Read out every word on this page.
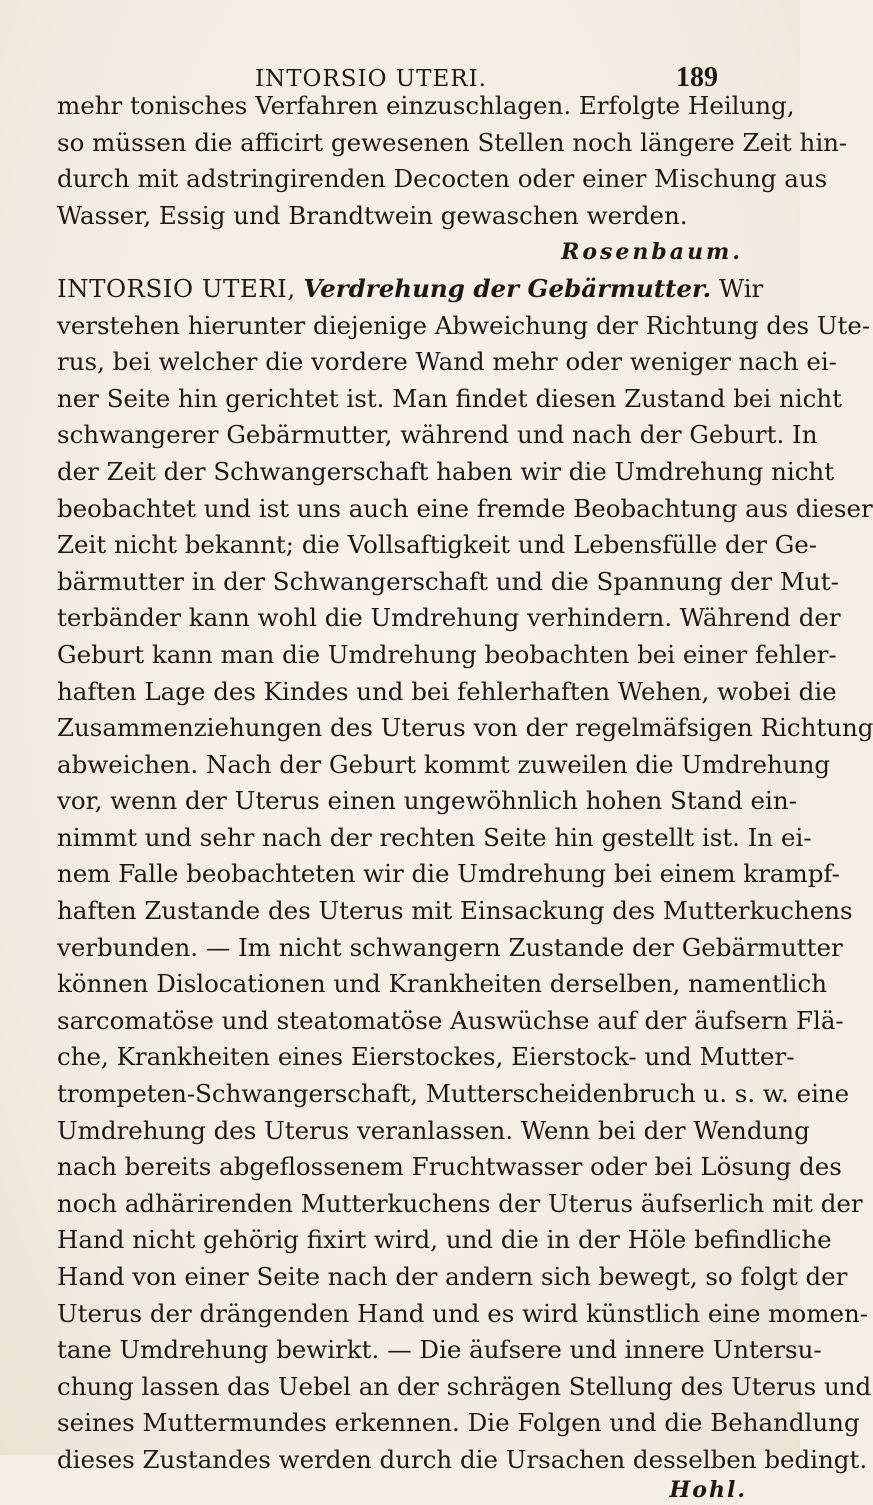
INTORSIO UTERI.	189
mehr tonisches Verfahren einzuschlagen. Erfolgte Heilung,
so müssen die afficirt gewesenen Stellen noch längere Zeit hin-
durch mit adstringirenden Decocten oder einer Mischung aus
Wasser, Essig und Brandtwein gewaschen werden.
Rosenbaum.
INTORSIO UTERI, Verdrehung der Gebärmutter. Wir
verstehen hierunter diejenige Abweichung der Richtung des Ute-
rus, bei welcher die vordere Wand mehr oder weniger nach ei-
ner Seite hin gerichtet ist. Man findet diesen Zustand bei nicht
schwangerer Gebärmutter, während und nach der Geburt. In
der Zeit der Schwangerschaft haben wir die Umdrehung nicht
beobachtet und ist uns auch eine fremde Beobachtung aus dieser
Zeit nicht bekannt; die Vollsaftigkeit und Lebensfülle der Ge-
bärmutter in der Schwangerschaft und die Spannung der Mut-
terbänder kann wohl die Umdrehung verhindern. Während der
Geburt kann man die Umdrehung beobachten bei einer fehler-
haften Lage des Kindes und bei fehlerhaften Wehen, wobei die
Zusammenziehungen des Uterus von der regelmäfsigen Richtung
abweichen. Nach der Geburt kommt zuweilen die Umdrehung
vor, wenn der Uterus einen ungewöhnlich hohen Stand ein-
nimmt und sehr nach der rechten Seite hin gestellt ist. In ei-
nem Falle beobachteten wir die Umdrehung bei einem krampf-
haften Zustande des Uterus mit Einsackung des Mutterkuchens
verbunden. — Im nicht schwangern Zustande der Gebärmutter
können Dislocationen und Krankheiten derselben, namentlich
sarcomatöse und steatomatöse Auswüchse auf der äufsern Flä-
che, Krankheiten eines Eierstockes, Eierstock- und Mutter-
trompeten-Schwangerschaft, Mutterscheidenbruch u. s. w. eine
Umdrehung des Uterus veranlassen. Wenn bei der Wendung
nach bereits abgeflossenem Fruchtwasser oder bei Lösung des
noch adhärirenden Mutterkuchens der Uterus äufserlich mit der
Hand nicht gehörig fixirt wird, und die in der Höle befindliche
Hand von einer Seite nach der andern sich bewegt, so folgt der
Uterus der drängenden Hand und es wird künstlich eine momen-
tane Umdrehung bewirkt. — Die äufsere und innere Untersu-
chung lassen das Uebel an der schrägen Stellung des Uterus und
seines Muttermundes erkennen. Die Folgen und die Behandlung
dieses Zustandes werden durch die Ursachen desselben bedingt.
Hohl.
